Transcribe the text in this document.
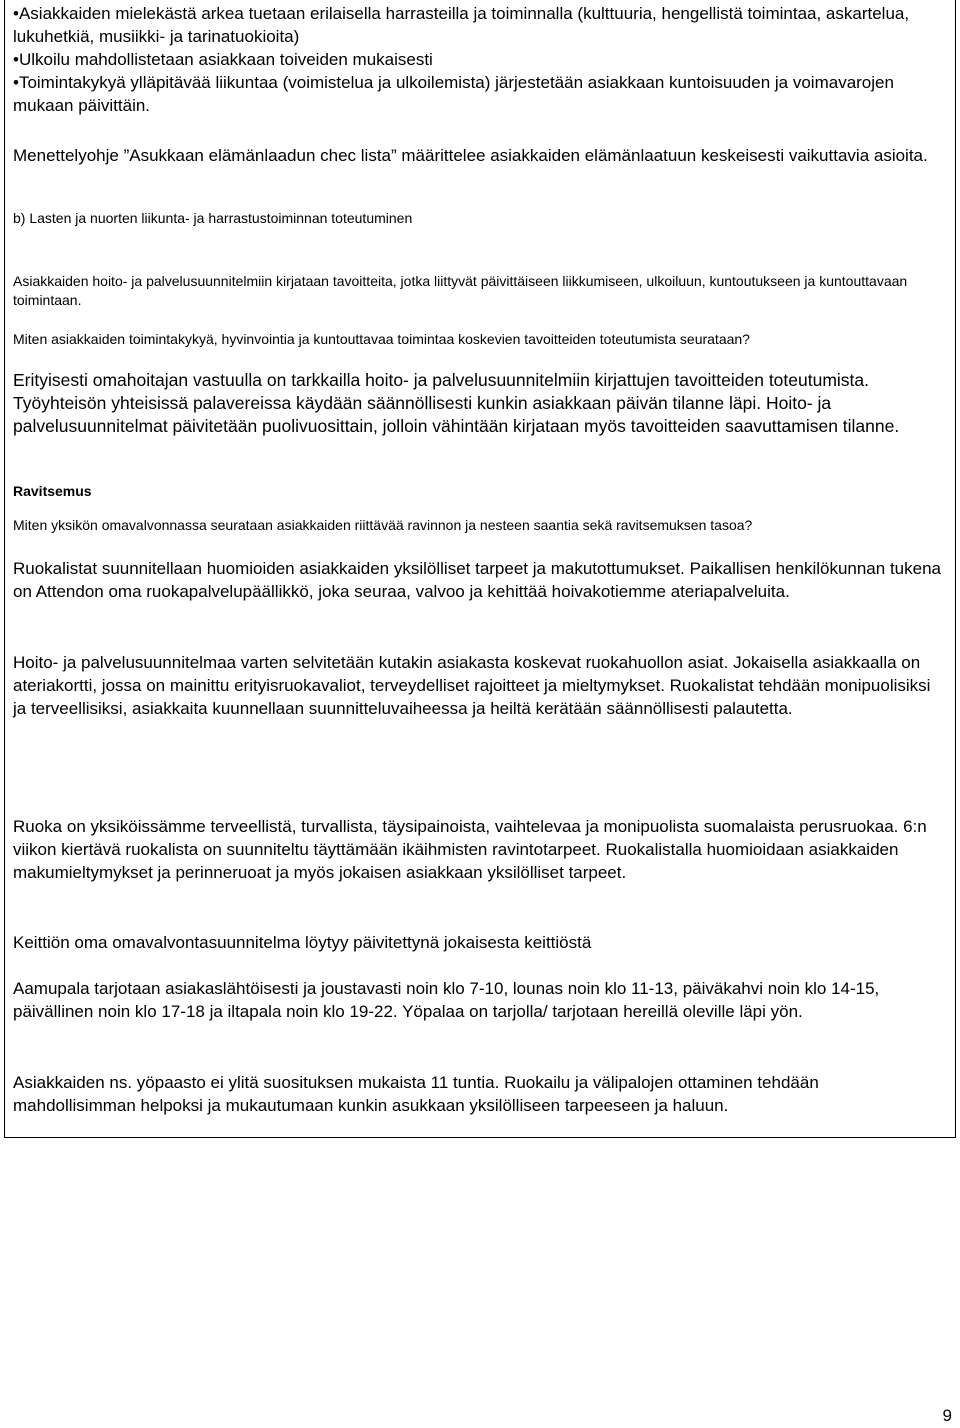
•Asiakkaiden mielekästä arkea tuetaan erilaisella harrasteilla ja toiminnalla (kulttuuria, hengellistä toimintaa, askartelua, lukuhetkiä, musiikki- ja tarinatuokioita)

•Ulkoilu mahdollistetaan asiakkaan toiveiden mukaisesti

•Toimintakykyä ylläpitävää liikuntaa (voimistelua ja ulkoilemista) järjestetään asiakkaan kuntoisuuden ja voimavarojen mukaan päivittäin.

Menettelyohje ”Asukkaan elämänlaadun chec lista” määrittelee asiakkaiden elämänlaatuun keskeisesti vaikuttavia asioita.

b) Lasten ja nuorten liikunta- ja harrastustoiminnan toteutuminen

Asiakkaiden hoito- ja palvelusuunnitelmiin kirjataan tavoitteita, jotka liittyvät päivittäiseen liikkumiseen, ulkoiluun, kuntoutukseen ja kuntouttavaan toimintaan.

Miten asiakkaiden toimintakykyä, hyvinvointia ja kuntouttavaa toimintaa koskevien tavoitteiden toteutumista seurataan?

Erityisesti omahoitajan vastuulla on tarkkailla hoito- ja palvelusuunnitelmiin kirjattujen tavoitteiden toteutumista. Työyhteisön yhteisissä palavereissa käydään säännöllisesti kunkin asiakkaan päivän tilanne läpi. Hoito- ja palvelusuunnitelmat päivitetään puolivuosittain, jolloin vähintään kirjataan myös tavoitteiden saavuttamisen tilanne.

Ravitsemus

Miten yksikön omavalvonnassa seurataan asiakkaiden riittävää ravinnon ja nesteen saantia sekä ravitsemuksen tasoa?

Ruokalistat suunnitellaan huomioiden asiakkaiden yksilölliset tarpeet ja makutottumukset. Paikallisen henkilökunnan tukena on Attendon oma ruokapalvelupäällikkö, joka seuraa, valvoo ja kehittää hoivakotiemme ateriapalveluita.

Hoito- ja palvelusuunnitelmaa varten selvitetään kutakin asiakasta koskevat ruokahuollon asiat. Jokaisella asiakkaalla on ateriakortti, jossa on mainittu erityisruokavaliot, terveydelliset rajoitteet ja mieltymykset. Ruokalistat tehdään monipuolisiksi ja terveellisiksi, asiakkaita kuunnellaan suunnitteluvaiheessa ja heiltä kerätään säännöllisesti palautetta.

Ruoka on yksiköissämme terveellistä, turvallista, täysipainoista, vaihtelevaa ja monipuolista suomalaista perusruokaa. 6:n viikon kiertävä ruokalista on suunniteltu täyttämään ikäihmisten ravintotarpeet. Ruokalistalla huomioidaan asiakkaiden makumieltymykset ja perinneruoat ja myös jokaisen asiakkaan yksilölliset tarpeet.

Keittiön oma omavalvontasuunnitelma löytyy päivitettynä jokaisesta keittiöstä

Aamupala tarjotaan asiakaslähtöisesti ja joustavasti noin klo 7-10, lounas noin klo 11-13, päiväkahvi noin klo 14-15, päivällinen noin klo 17-18 ja iltapala noin klo 19-22. Yöpalaa on tarjolla/ tarjotaan hereillä oleville läpi yön.

Asiakkaiden ns. yöpaasto ei ylitä suosituksen mukaista 11 tuntia. Ruokailu ja välipalojen ottaminen tehdään mahdollisimman helpoksi ja mukautumaan kunkin asukkaan yksilölliseen tarpeeseen ja haluun.

9
